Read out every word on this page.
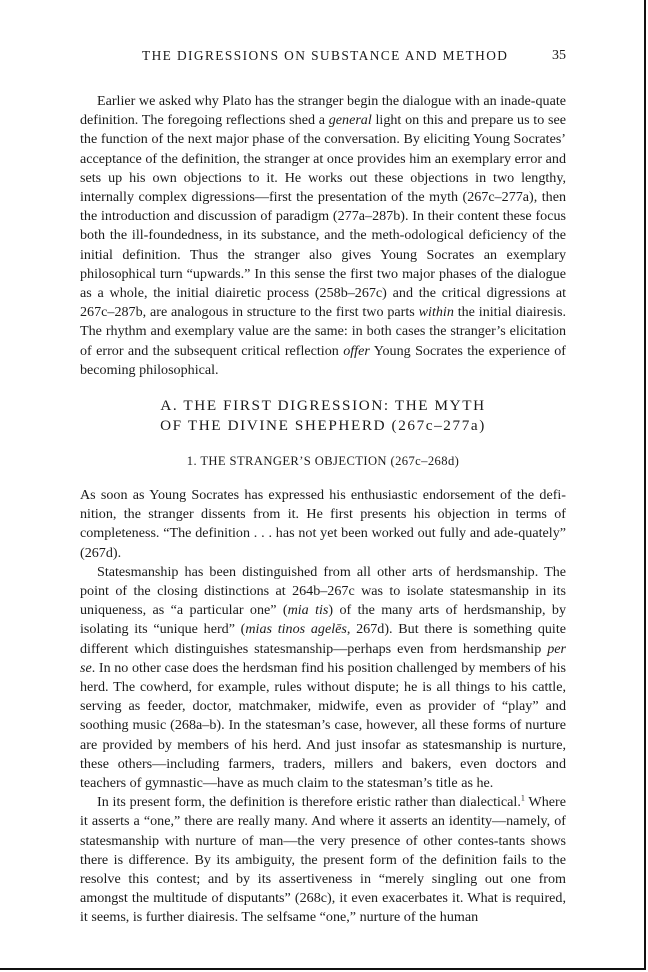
THE DIGRESSIONS ON SUBSTANCE AND METHOD	35

Earlier we asked why Plato has the stranger begin the dialogue with an inade-quate definition. The foregoing reflections shed a general light on this and prepare us to see the function of the next major phase of the conversation. By eliciting Young Socrates’ acceptance of the definition, the stranger at once provides him an exemplary error and sets up his own objections to it. He works out these objections in two lengthy, internally complex digressions—first the presentation of the myth (267c–277a), then the introduction and discussion of paradigm (277a–287b). In their content these focus both the ill-foundedness, in its substance, and the meth-odological deficiency of the initial definition. Thus the stranger also gives Young Socrates an exemplary philosophical turn “upwards.” In this sense the first two major phases of the dialogue as a whole, the initial diairetic process (258b–267c) and the critical digressions at 267c–287b, are analogous in structure to the first two parts within the initial diairesis. The rhythm and exemplary value are the same: in both cases the stranger’s elicitation of error and the subsequent critical reflection offer Young Socrates the experience of becoming philosophical.

A. THE FIRST DIGRESSION: THE MYTH
OF THE DIVINE SHEPHERD (267c–277a)
1. THE STRANGER’S OBJECTION (267c–268d)

As soon as Young Socrates has expressed his enthusiastic endorsement of the defi-nition, the stranger dissents from it. He first presents his objection in terms of completeness. “The definition . . . has not yet been worked out fully and ade-quately” (267d).

Statesmanship has been distinguished from all other arts of herdsmanship. The point of the closing distinctions at 264b–267c was to isolate statesmanship in its uniqueness, as “a particular one” (mia tis) of the many arts of herdsmanship, by isolating its “unique herd” (mias tinos agelēs, 267d). But there is something quite different which distinguishes statesmanship—perhaps even from herdsmanship per se. In no other case does the herdsman find his position challenged by members of his herd. The cowherd, for example, rules without dispute; he is all things to his cattle, serving as feeder, doctor, matchmaker, midwife, even as provider of “play” and soothing music (268a–b). In the statesman’s case, however, all these forms of nurture are provided by members of his herd. And just insofar as statesmanship is nurture, these others—including farmers, traders, millers and bakers, even doctors and teachers of gymnastic—have as much claim to the statesman’s title as he.

In its present form, the definition is therefore eristic rather than dialectical.$^1$ Where it asserts a “one,” there are really many. And where it asserts an identity—namely, of statesmanship with nurture of man—the very presence of other contes-tants shows there is difference. By its ambiguity, the present form of the definition fails to the resolve this contest; and by its assertiveness in “merely singling out one from amongst the multitude of disputants” (268c), it even exacerbates it. What is required, it seems, is further diairesis. The selfsame “one,” nurture of the human
